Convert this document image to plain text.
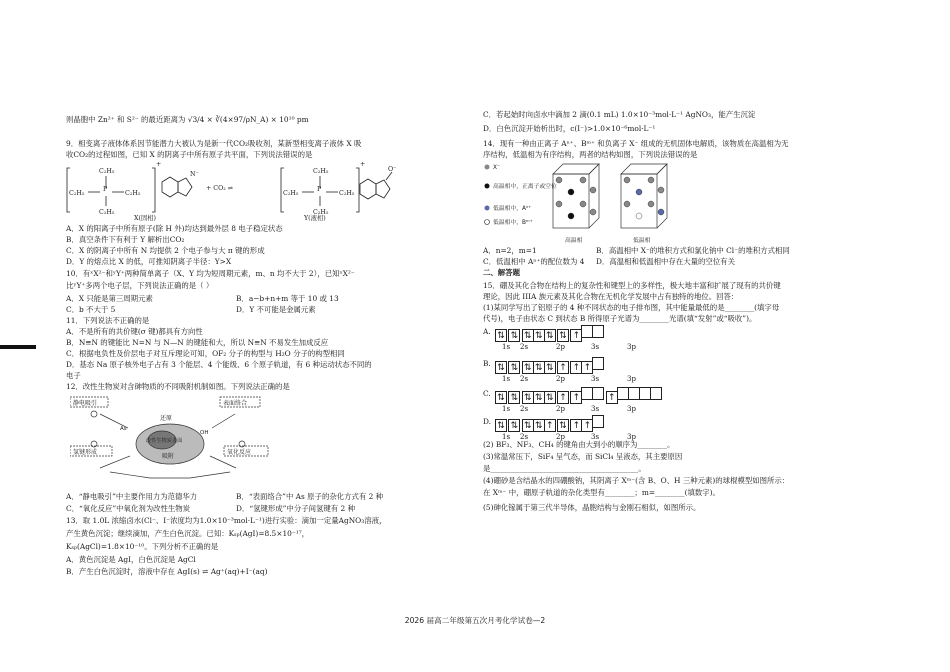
则晶胞中 Zn²⁺ 和 S²⁻ 的最近距离为 √3/4 × ∛(4×97/ρN_A) × 10¹⁰ pm
9．相变离子液体体系因节能潜力大被认为是新一代CO₂吸收剂，某新型相变离子液体 X 吸
收CO₂的过程如图，已知 X 的阴离子中所有原子共平面，下列说法错误的是
P
C₂H₅
C₂H₅
C₂H₅	C₂H₅
+
N⁻
P
C₂H₅
C₂H₅
C₂H₅	C₂H₅
+
O⁻
+ CO₂ ⇌
X(固相)	Y(液相)
A．X 的阳离子中所有原子(除 H 外)均达到最外层 8 电子稳定状态
B．真空条件下有利于 Y 解析出CO₂
C．X 的阴离子中所有 N 均提供 2 个电子参与大 π 键的形成
D．Y 的熔点比 X 的低，可推知阴离子半径：Y>X
10．有ˣX²⁻和ʸY⁺两种简单离子（X、Y 均为短周期元素，m、n 均不大于 2），已知ˣX²⁻
比ʸY⁺多两个电子层，下列说法正确的是（ ）
A．X 只能是第三周期元素	B．a−b+n+m 等于 10 或 13
C．b 不大于 5	D．Y 不可能是金属元素
11．下列说法不正确的是
A．不是所有的共价键(σ 键)都具有方向性
B．N≡N 的键能比 N=N 与 N—N 的键能和大，所以 N≡N 不易发生加成反应
C．根据电负性及价层电子对互斥理论可知，OF₂ 分子的构型与 H₂O 分子的构型相同
D．基态 Na 原子核外电子占有 3 个能层、4 个能级、6 个原子轨道，有 6 种运动状态不同的
电子
12．改性生物炭对含砷物质的不同吸附机制如图。下列说法正确的是
静电吸引	表面络合
还原
氢键形成	氧化反应
改性生物炭表面
吸附
As
OH
A．“静电吸引”中主要作用力为范德华力	B．“表面络合”中 As 原子的杂化方式有 2 种
C．“氧化反应”中氧化剂为改性生物炭	D．“氢键形成”中分子间氢键有 2 种
13．取 1.0L 浓缩卤水(Cl⁻、I⁻浓度均为1.0×10⁻³mol·L⁻¹)进行实验：滴加一定量AgNO₃溶液，
产生黄色沉淀；继续滴加，产生白色沉淀。已知：Kₛₚ(AgI)=8.5×10⁻¹⁷，
Kₛₚ(AgCl)=1.8×10⁻¹⁰。下列分析不正确的是
A．黄色沉淀是 AgI，白色沉淀是 AgCl
B．产生白色沉淀时，溶液中存在 AgI(s) ⇌ Ag⁺(aq)+I⁻(aq)
C．若起始时向卤水中滴加 2 滴(0.1 mL) 1.0×10⁻³mol·L⁻¹ AgNO₃，能产生沉淀
D．白色沉淀开始析出时，c(I⁻)>1.0×10⁻⁶mol·L⁻¹
14．现有一种由正离子 Aⁿ⁺、Bᵐ⁺ 和负离子 X⁻ 组成的无机固体电解质，该物质在高温相为无
序结构，低温相为有序结构，两者的结构如图，下列说法错误的是
X⁻
高温相中，正离子或空位
低温相中，Aⁿ⁺
低温相中，Bᵐ⁺
高温相	低温相
A．n=2，m=1	B．高温相中 X⁻的堆积方式和氯化钠中 Cl⁻的堆积方式相同
C．低温相中 Aⁿ⁺的配位数为 4 D．高温相和低温相中存在大量的空位有关
二、解答题
15．硼及其化合物在结构上的复杂性和键型上的多样性，极大地丰富和扩展了现有的共价键
理论，因此 IIIA 族元素及其化合物在无机化学发展中占有独特的地位。回答：
(1)某同学写出了铝原子的 4 种不同状态的电子排布图，其中能量最低的是________(填字母
代号)，电子由状态 C 到状态 B 所得原子光谱为________光谱(填“发射”或“吸收”)。
A. ⇅ ⇅ ⇅ ⇅ ⇅ ⇅ ↑
1s 2s	2p	3s	3p
B. ⇅ ⇅ ⇅ ⇅ ⇅ ↑ ↑ ↑
1s 2s	2p	3s	3p
C. ⇅ ⇅ ⇅ ⇅ ⇅ ↑ ↑	↑
1s 2s	2p	3s	3p
D. ⇅ ⇅ ⇅ ⇅ ↑ ⇅ ↑ ↑
1s 2s	2p	3s	3p
(2) BF₃、NF₃、CH₄ 的键角由大到小的顺序为________。
(3)常温常压下，SiF₄ 呈气态，而 SiCl₄ 呈液态，其主要原因
是________________________________________。
(4)硼砂是含结晶水的四硼酸钠，其阴离子 Xᵐ⁻(含 B、O、H 三种元素)的球棍模型如图所示：
在 Xᵐ⁻ 中，硼原子轨道的杂化类型有________；m=________(填数字)。
(5)砷化镓属于第三代半导体，晶胞结构与金刚石相似，如图所示。
2026 届高二年级第五次月考化学试卷—2
